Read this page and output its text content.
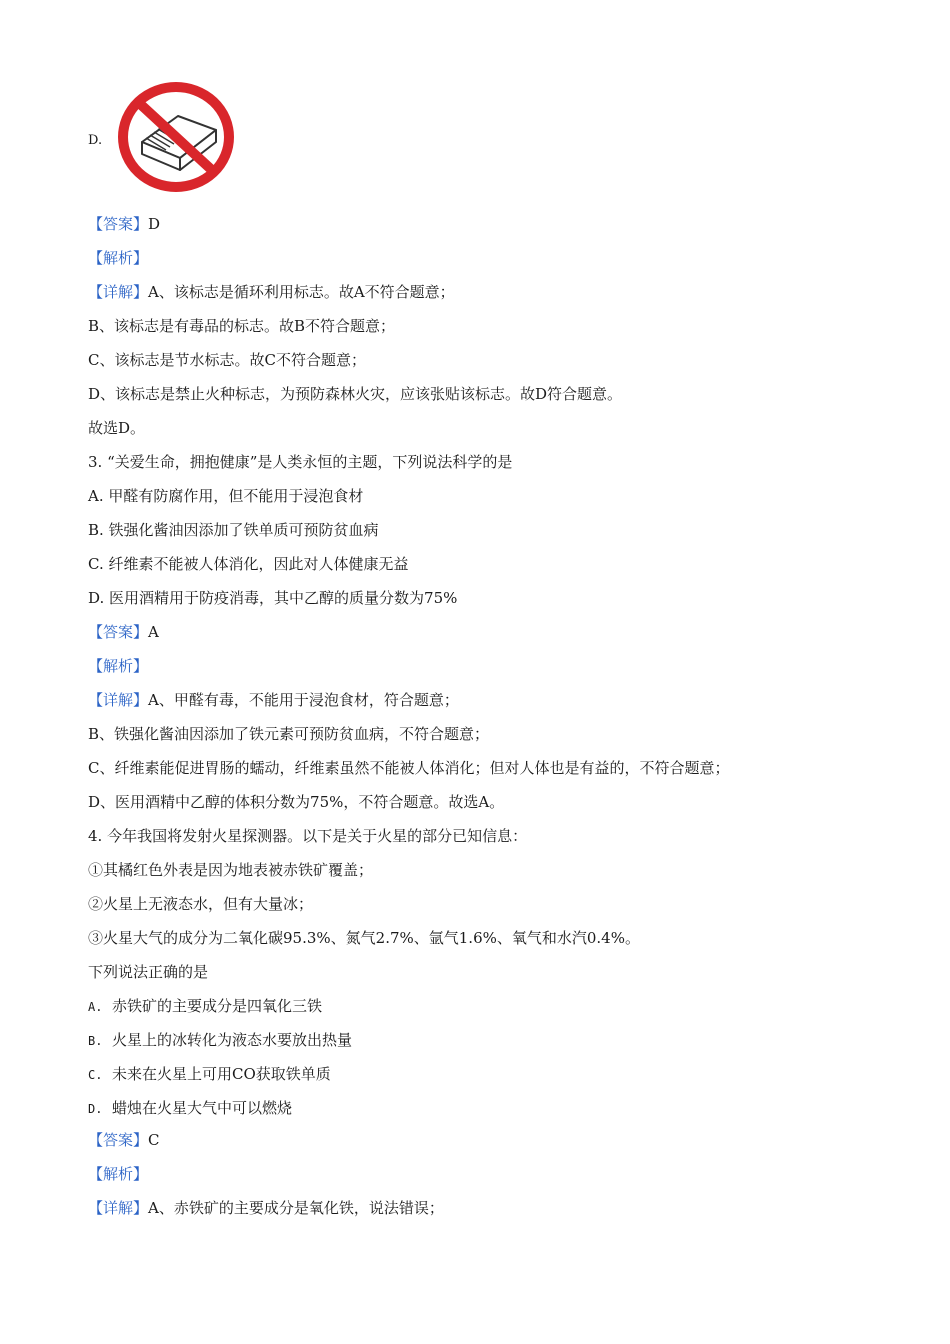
D.
【答案】D
【解析】
【详解】A、该标志是循环利用标志。故A不符合题意；
B、该标志是有毒品的标志。故B不符合题意；
C、该标志是节水标志。故C不符合题意；
D、该标志是禁止火种标志，为预防森林火灾，应该张贴该标志。故D符合题意。
故选D。
3. “关爱生命，拥抱健康”是人类永恒的主题，下列说法科学的是
A. 甲醛有防腐作用，但不能用于浸泡食材
B. 铁强化酱油因添加了铁单质可预防贫血病
C. 纤维素不能被人体消化，因此对人体健康无益
D. 医用酒精用于防疫消毒，其中乙醇的质量分数为75%
【答案】A
【解析】
【详解】A、甲醛有毒，不能用于浸泡食材，符合题意；
B、铁强化酱油因添加了铁元素可预防贫血病，不符合题意；
C、纤维素能促进胃肠的蠕动，纤维素虽然不能被人体消化；但对人体也是有益的，不符合题意；
D、医用酒精中乙醇的体积分数为75%，不符合题意。故选A。
4. 今年我国将发射火星探测器。以下是关于火星的部分已知信息：
①其橘红色外表是因为地表被赤铁矿覆盖；
②火星上无液态水，但有大量冰；
③火星大气的成分为二氧化碳95.3%、氮气2.7%、氩气1.6%、氧气和水汽0.4%。
下列说法正确的是
A. 赤铁矿的主要成分是四氧化三铁
B. 火星上的冰转化为液态水要放出热量
C. 未来在火星上可用CO获取铁单质
D. 蜡烛在火星大气中可以燃烧
【答案】C
【解析】
【详解】A、赤铁矿的主要成分是氧化铁，说法错误；
